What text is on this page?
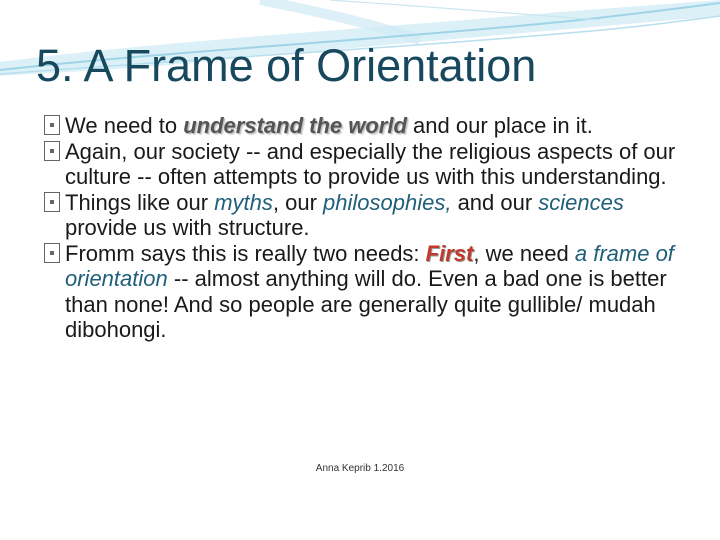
5. A Frame of Orientation
We need to understand the world and our place in it.
Again, our society -- and especially the religious aspects of our culture -- often attempts to provide us with this understanding.
Things like our myths, our philosophies, and our sciences provide us with structure.
Fromm says this is really two needs: First, we need a frame of orientation -- almost anything will do. Even a bad one is better than none! And so people are generally quite gullible/ mudah dibohongi.
Anna Keprib 1.2016
